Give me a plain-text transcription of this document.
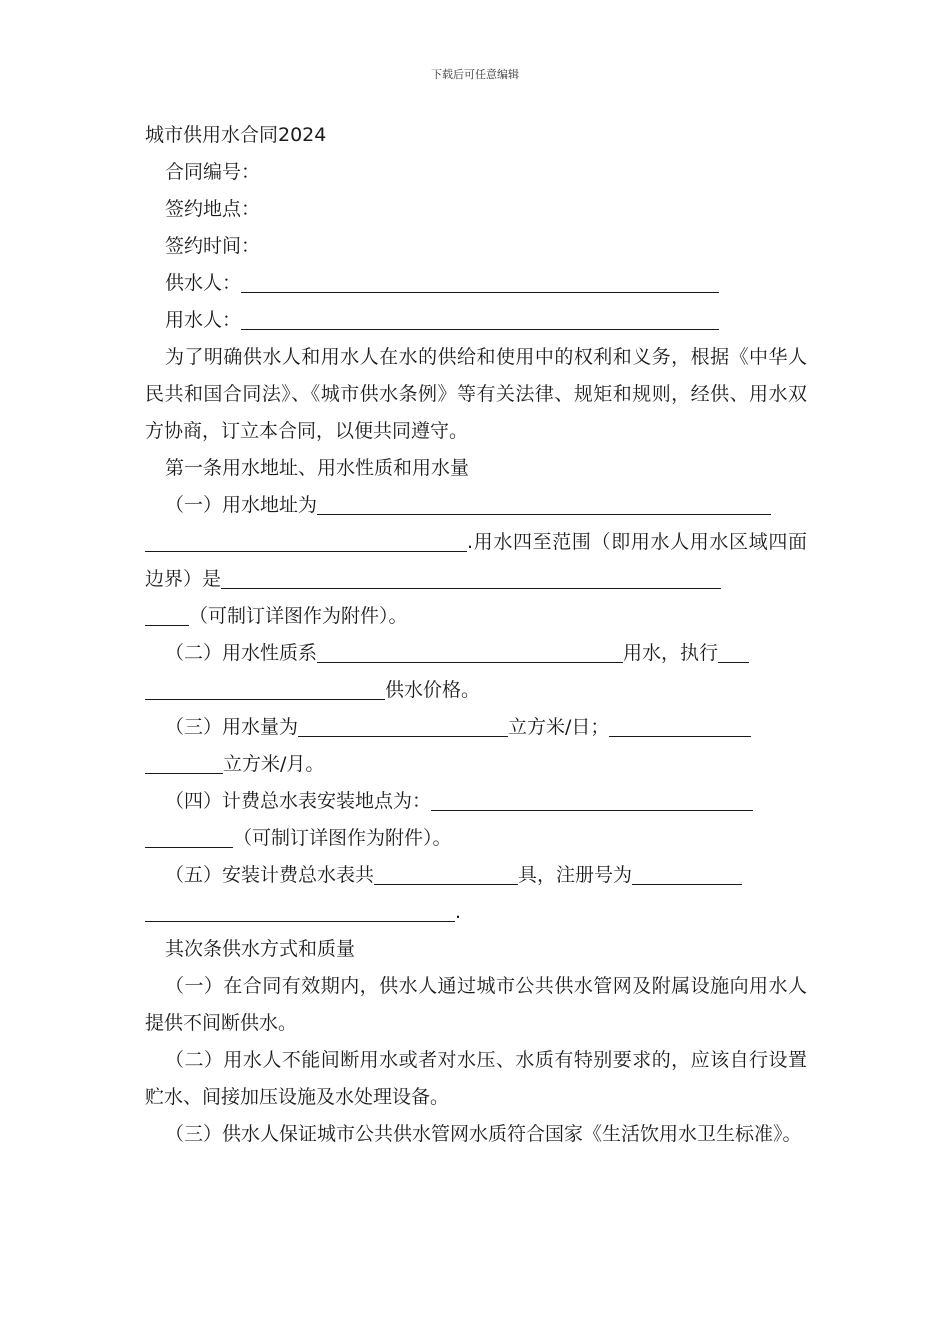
下载后可任意编辑

城市供用水合同2024

合同编号：

签约地点：

签约时间：

供水人：

用水人：

为了明确供水人和用水人在水的供给和使用中的权利和义务，根据《中华人民共和国合同法》、《城市供水条例》等有关法律、规矩和规则，经供、用水双方协商，订立本合同，以便共同遵守。

第一条用水地址、用水性质和用水量

（一）用水地址为
.用水四至范围（即用水人用水区域四面边界）是
（可制订详图作为附件）。

（二）用水性质系	用水，执行
供水价格。

（三）用水量为	立方米/日；
立方米/月。

（四）计费总水表安装地点为：
（可制订详图作为附件）。

（五）安装计费总水表共	具，注册号为
.

其次条供水方式和质量

（一）在合同有效期内，供水人通过城市公共供水管网及附属设施向用水人提供不间断供水。

（二）用水人不能间断用水或者对水压、水质有特别要求的，应该自行设置贮水、间接加压设施及水处理设备。

（三）供水人保证城市公共供水管网水质符合国家《生活饮用水卫生标准》。
